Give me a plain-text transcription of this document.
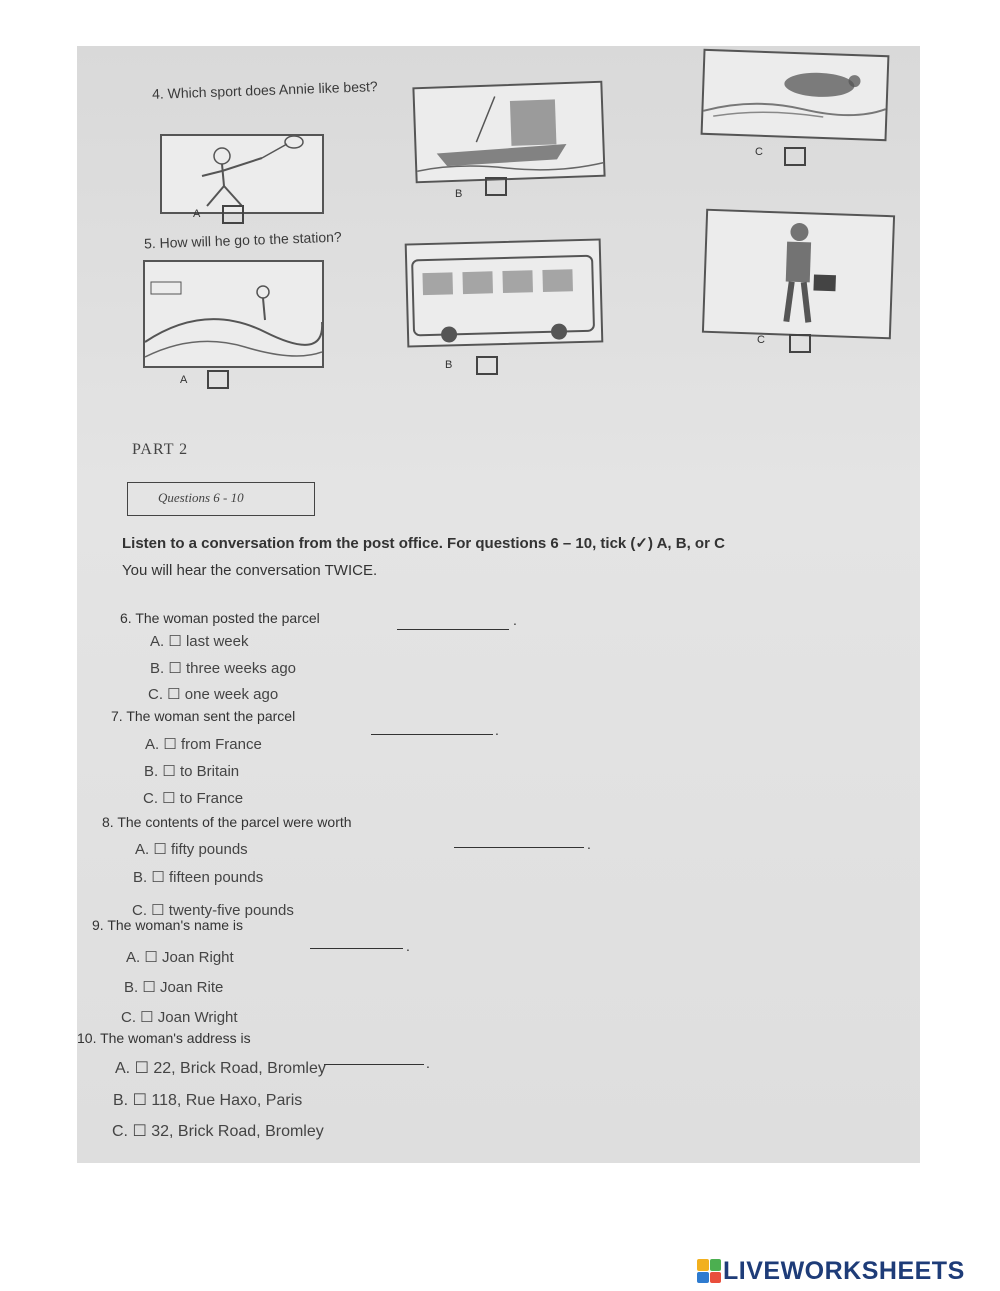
4. Which sport does Annie like best?
A
B
C
5. How will he go to the station?
A
B
C
PART 2
Questions 6 - 10
Listen to a conversation from the post office. For questions 6 – 10, tick (✓) A, B, or C
You will hear the conversation TWICE.
6. The woman posted the parcel	.
A. ☐ last week
B. ☐ three weeks ago
C. ☐ one week ago
7. The woman sent the parcel
.
A. ☐ from France
B. ☐ to Britain
C. ☐ to France
8. The contents of the parcel were worth
.
A. ☐ fifty pounds
B. ☐ fifteen pounds
C. ☐ twenty-five pounds
9. The woman's name is
.
A. ☐ Joan Right
B. ☐ Joan Rite
C. ☐ Joan Wright
10. The woman's address is
.
A. ☐ 22, Brick Road, Bromley
B. ☐ 118, Rue Haxo, Paris
C. ☐ 32, Brick Road, Bromley
LIVEWORKSHEETS
